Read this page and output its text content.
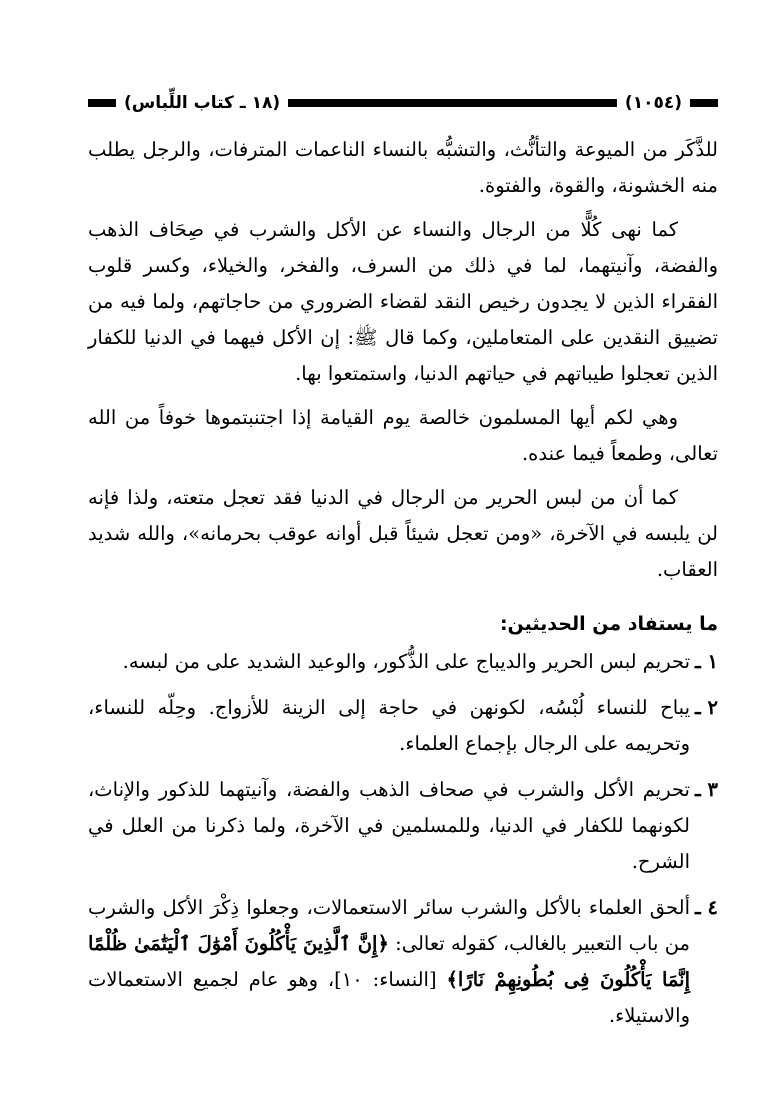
(١٠٥٤)
(١٨ ـ كتاب اللِّباس)

للذَّكَر من الميوعة والتأنُّث، والتشبُّه بالنساء الناعمات المترفات، والرجل يطلب منه الخشونة، والقوة، والفتوة.

كما نهى كُلًّا من الرجال والنساء عن الأكل والشرب في صِحَاف الذهب والفضة، وآنيتهما، لما في ذلك من السرف، والفخر، والخيلاء، وكسر قلوب الفقراء الذين لا يجدون رخيص النقد لقضاء الضروري من حاجاتهم، ولما فيه من تضييق النقدين على المتعاملين، وكما قال ﷺ: إن الأكل فيهما في الدنيا للكفار الذين تعجلوا طيباتهم في حياتهم الدنيا، واستمتعوا بها.

وهي لكم أيها المسلمون خالصة يوم القيامة إذا اجتنبتموها خوفاً من الله تعالى، وطمعاً فيما عنده.

كما أن من لبس الحرير من الرجال في الدنيا فقد تعجل متعته، ولذا فإنه لن يلبسه في الآخرة، «ومن تعجل شيئاً قبل أوانه عوقب بحرمانه»، والله شديد العقاب.

ما يستفاد من الحديثين:
١ ـ
تحريم لبس الحرير والديباج على الذُّكور، والوعيد الشديد على من لبسه.
٢ ـ
يباح للنساء لُبْسُه، لكونهن في حاجة إلى الزينة للأزواج. وحِلّه للنساء، وتحريمه على الرجال بإجماع العلماء.
٣ ـ
تحريم الأكل والشرب في صحاف الذهب والفضة، وآنيتهما للذكور والإناث، لكونهما للكفار في الدنيا، وللمسلمين في الآخرة، ولما ذكرنا من العلل في الشرح.
٤ ـ
ألحق العلماء بالأكل والشرب سائر الاستعمالات، وجعلوا ذِكْرَ الأكل والشرب من باب التعبير بالغالب، كقوله تعالى: ﴿إِنَّ ٱلَّذِينَ يَأْكُلُونَ أَمْوَٰلَ ٱلْيَتَٰمَىٰ ظُلْمًا إِنَّمَا يَأْكُلُونَ فِى بُطُونِهِمْ نَارًا﴾ [النساء: ١٠]، وهو عام لجميع الاستعمالات والاستيلاء.
